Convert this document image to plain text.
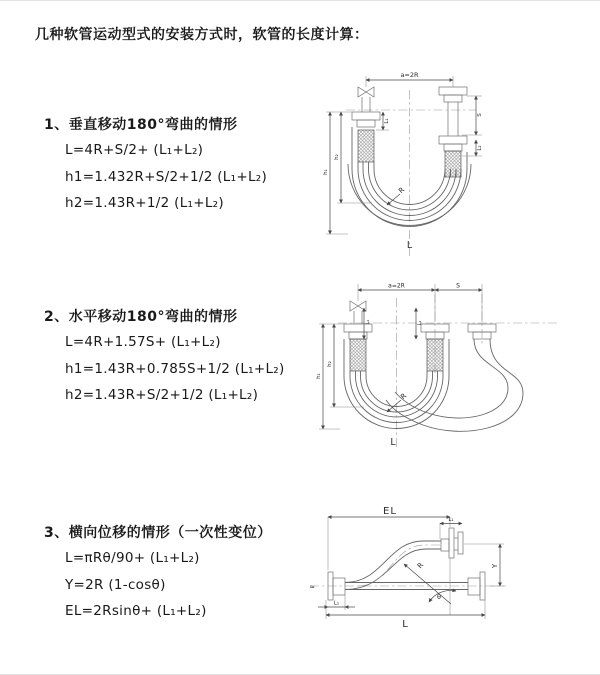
几种软管运动型式的安装方式时，软管的长度计算：
1、垂直移动180°弯曲的情形
L=4R+S/2+ (L₁+L₂)
h1=1.432R+S/2+1/2 (L₁+L₂)
h2=1.43R+1/2 (L₁+L₂)
2、水平移动180°弯曲的情形
L=4R+1.57S+ (L₁+L₂)
h1=1.43R+0.785S+1/2 (L₁+L₂)
h2=1.43R+S/2+1/2 (L₁+L₂)
3、横向位移的情形（一次性变位）
L=πRθ/90+ (L₁+L₂)
Y=2R (1-cosθ)
EL=2Rsinθ+ (L₁+L₂)
a=2R
h₁
h₂
L₁
S
L₂
R
L
a=2R	S
h₁
h₂
L₁	L₂
R
L
≈
EL
L₁
Y
R
θ
L
L₁
